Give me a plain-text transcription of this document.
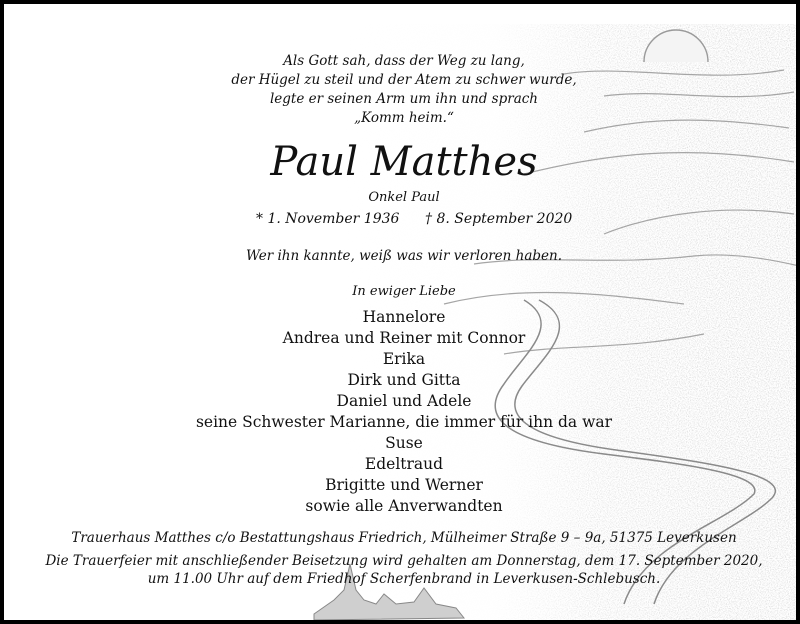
Als Gott sah, dass der Weg zu lang,
der Hügel zu steil und der Atem zu schwer wurde,
legte er seinen Arm um ihn und sprach
„Komm heim.“
Paul Matthes
Onkel Paul
* 1. November 1936 † 8. September 2020
Wer ihn kannte, weiß was wir verloren haben.
In ewiger Liebe
Hannelore
Andrea und Reiner mit Connor
Erika
Dirk und Gitta
Daniel und Adele
seine Schwester Marianne, die immer für ihn da war
Suse
Edeltraud
Brigitte und Werner
sowie alle Anverwandten
Trauerhaus Matthes c/o Bestattungshaus Friedrich, Mülheimer Straße 9 – 9a, 51375 Leverkusen
Die Trauerfeier mit anschließender Beisetzung wird gehalten am Donnerstag, dem 17. September 2020,
um 11.00 Uhr auf dem Friedhof Scherfenbrand in Leverkusen-Schlebusch.
